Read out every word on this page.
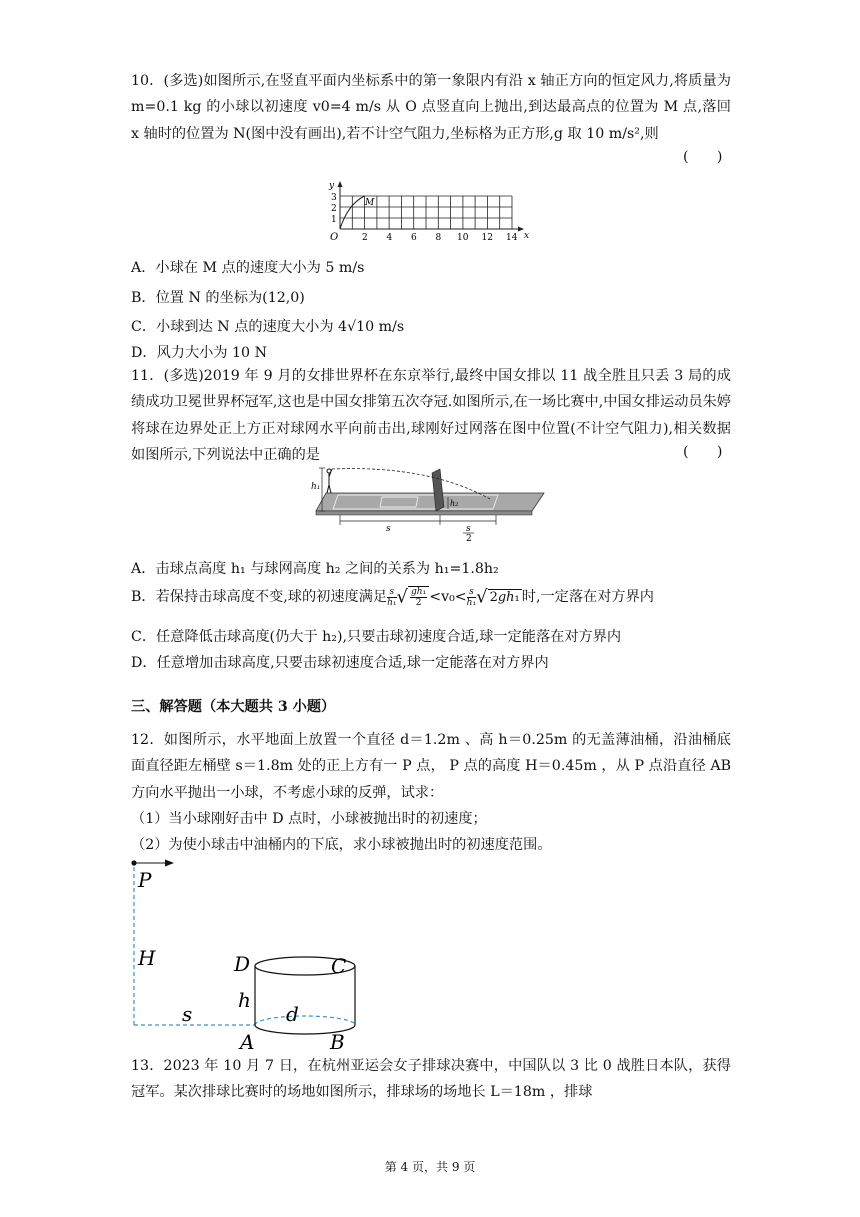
10．(多选)如图所示,在竖直平面内坐标系中的第一象限内有沿 x 轴正方向的恒定风力,将质量为 m=0.1 kg 的小球以初速度 v0=4 m/s 从 O 点竖直向上抛出,到达最高点的位置为 M 点,落回 x 轴时的位置为 N(图中没有画出),若不计空气阻力,坐标格为正方形,g 取 10 m/s²,则
(　　)
y
x
O
M
1
2
3
2 4 6 8 10 12 14
A．小球在 M 点的速度大小为 5 m/s
B．位置 N 的坐标为(12,0)
C．小球到达 N 点的速度大小为 4√10 m/s
D．风力大小为 10 N
11．(多选)2019 年 9 月的女排世界杯在东京举行,最终中国女排以 11 战全胜且只丢 3 局的成绩成功卫冕世界杯冠军,这也是中国女排第五次夺冠.如图所示,在一场比赛中,中国女排运动员朱婷将球在边界处正上方正对球网水平向前击出,球刚好过网落在图中位置(不计空气阻力),相关数据如图所示,下列说法中正确的是	(　　)
h₁
h₂
s	s
2
A．击球点高度 h₁ 与球网高度 h₂ 之间的关系为 h₁=1.8h₂
B．若保持击球高度不变,球的初速度满足 $\frac{s}{\text{h₁}}$ √ $\frac{\text{gh₁}}{2} <v_0< \frac{s}{\text{h₁}}$ √ 2gh₁ 时,一定落在对方界内
C．任意降低击球高度(仍大于 h₂),只要击球初速度合适,球一定能落在对方界内
D．任意增加击球高度,只要击球初速度合适,球一定能落在对方界内
三、解答题（本大题共 3 小题）
12．如图所示，水平地面上放置一个直径 d＝1.2m 、高 h＝0.25m 的无盖薄油桶，沿油桶底面直径距左桶壁 s＝1.8m 处的正上方有一 P 点， P 点的高度 H＝0.45m ，从 P 点沿直径 AB 方向水平抛出一小球，不考虑小球的反弹，试求：
（1）当小球刚好击中 D 点时，小球被抛出时的初速度；
（2）为使小球击中油桶内的下底，求小球被抛出时的初速度范围。
P
H
s
h
d
A	B
C
D
13．2023 年 10 月 7 日，在杭州亚运会女子排球决赛中，中国队以 3 比 0 战胜日本队，获得冠军。某次排球比赛时的场地如图所示，排球场的场地长 L＝18m ，排球
第 4 页，共 9 页
